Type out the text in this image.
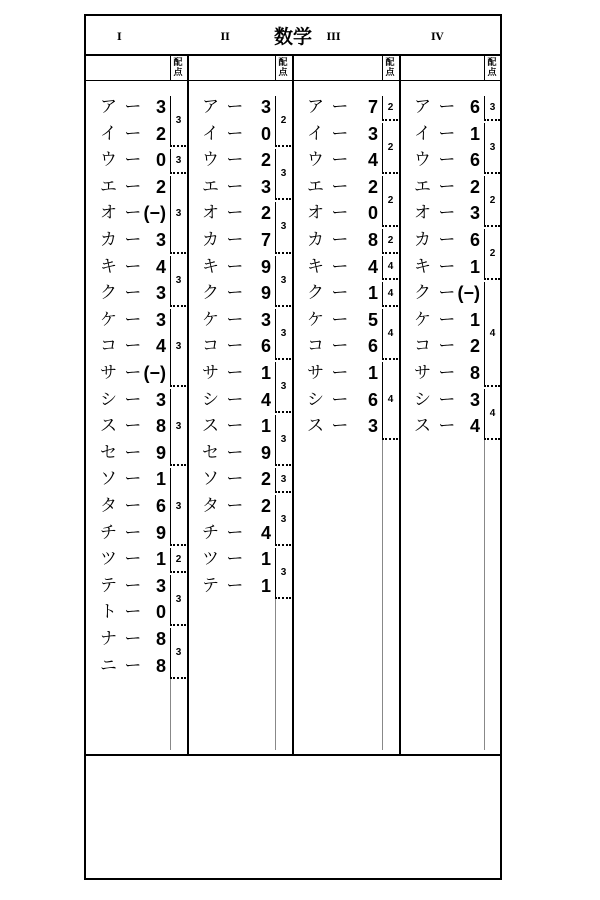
数学
I
配点
ア ー 3
イ ー 2
ウ ー 0
エ ー 2
オ ー (−)
カ ー 3
キ ー 4
ク ー 3
ケ ー 3
コ ー 4
サ ー (−)
シ ー 3
ス ー 8
セ ー 9
ソ ー 1
タ ー 6
チ ー 9
ツ ー 1
テ ー 3
ト ー 0
ナ ー 8
ニ ー 8
3
3
3
3
3
3
3
2
3
3
II
配点
ア ー 3
イ ー 0
ウ ー 2
エ ー 3
オ ー 2
カ ー 7
キ ー 9
ク ー 9
ケ ー 3
コ ー 6
サ ー 1
シ ー 4
ス ー 1
セ ー 9
ソ ー 2
タ ー 2
チ ー 4
ツ ー 1
テ ー 1
2
3
3
3
3
3
3
3
3
3
III
配点
ア ー 7
イ ー 3
ウ ー 4
エ ー 2
オ ー 0
カ ー 8
キ ー 4
ク ー 1
ケ ー 5
コ ー 6
サ ー 1
シ ー 6
ス ー 3
2
2
2
2
4
4
4
4
IV
配点
ア ー 6
イ ー 1
ウ ー 6
エ ー 2
オ ー 3
カ ー 6
キ ー 1
ク ー (−)
ケ ー 1
コ ー 2
サ ー 8
シ ー 3
ス ー 4
3
3
2
2
4
4
